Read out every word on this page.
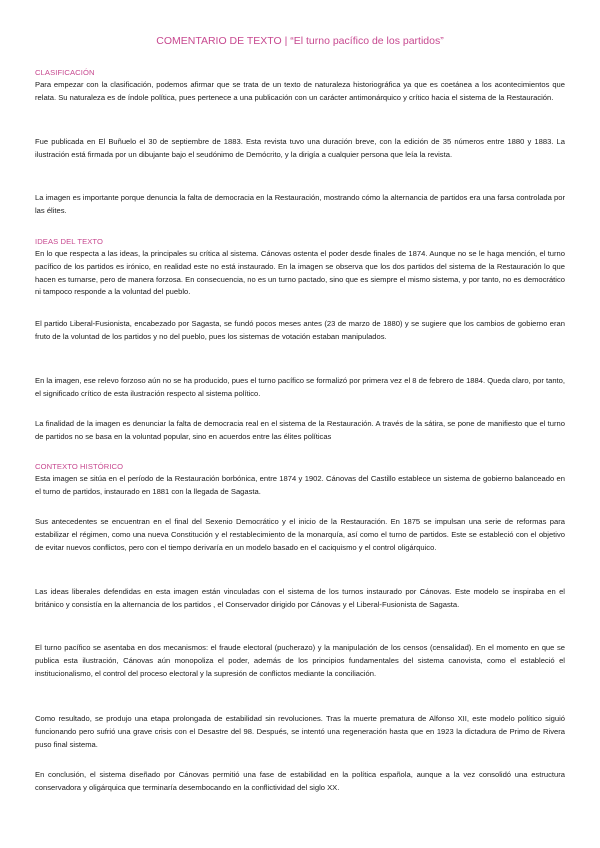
COMENTARIO DE TEXTO | “El turno pacífico de los partidos”
CLASIFICACIÓN
Para empezar con la clasificación, podemos afirmar que se trata de un texto de naturaleza historiográfica ya que es coetánea a los acontecimientos que relata. Su naturaleza es de índole política, pues pertenece a una publicación con un carácter antimonárquico y crítico hacia el sistema de la Restauración.
Fue publicada en El Buñuelo el 30 de septiembre de 1883. Esta revista tuvo una duración breve, con la edición de 35 números entre 1880 y 1883. La ilustración está firmada por un dibujante bajo el seudónimo de Demócrito, y la dirigía a cualquier persona que leía la revista.
La imagen es importante porque denuncia la falta de democracia en la Restauración, mostrando cómo la alternancia de partidos era una farsa controlada por las élites.
IDEAS DEL TEXTO
En lo que respecta a las ideas, la principales su crítica al sistema. Cánovas ostenta el poder desde finales de 1874. Aunque no se le haga mención, el turno pacífico de los partidos es irónico, en realidad este no está instaurado. En la imagen se observa que los dos partidos del sistema de la Restauración lo que hacen es turnarse, pero de manera forzosa. En consecuencia, no es un turno pactado, sino que es siempre el mismo sistema, y por tanto, no es democrático ni tampoco responde a la voluntad del pueblo.
El partido Liberal-Fusionista, encabezado por Sagasta, se fundó pocos meses antes (23 de marzo de 1880) y se sugiere que los cambios de gobierno eran fruto de la voluntad de los partidos y no del pueblo, pues los sistemas de votación estaban manipulados.
En la imagen, ese relevo forzoso aún no se ha producido, pues el turno pacífico se formalizó por primera vez el 8 de febrero de 1884. Queda claro, por tanto, el significado crítico de esta ilustración respecto al sistema político.
La finalidad de la imagen es denunciar la falta de democracia real en el sistema de la Restauración. A través de la sátira, se pone de manifiesto que el turno de partidos no se basa en la voluntad popular, sino en acuerdos entre las élites políticas
CONTEXTO HISTÓRICO
Esta imagen se sitúa en el período de la Restauración borbónica, entre 1874 y 1902. Cánovas del Castillo establece un sistema de gobierno balanceado en el turno de partidos, instaurado en 1881 con la llegada de Sagasta.
Sus antecedentes se encuentran en el final del Sexenio Democrático y el inicio de la Restauración. En 1875 se impulsan una serie de reformas para estabilizar el régimen, como una nueva Constitución y el restablecimiento de la monarquía, así como el turno de partidos. Este se estableció con el objetivo de evitar nuevos conflictos, pero con el tiempo derivaría en un modelo basado en el caciquismo y el control oligárquico.
Las ideas liberales defendidas en esta imagen están vinculadas con el sistema de los turnos instaurado por Cánovas. Este modelo se inspiraba en el británico y consistía en la alternancia de los partidos , el Conservador dirigido por Cánovas y el Liberal-Fusionista de Sagasta.
El turno pacífico se asentaba en dos mecanismos: el fraude electoral (pucherazo) y la manipulación de los censos (censalidad). En el momento en que se publica esta ilustración, Cánovas aún monopoliza el poder, además de los principios fundamentales del sistema canovista, como el estableció el institucionalismo, el control del proceso electoral y la supresión de conflictos mediante la conciliación.
Como resultado, se produjo una etapa prolongada de estabilidad sin revoluciones. Tras la muerte prematura de Alfonso XII, este modelo político siguió funcionando pero sufrió una grave crisis con el Desastre del 98. Después, se intentó una regeneración hasta que en 1923 la dictadura de Primo de Rivera puso final sistema.
En conclusión, el sistema diseñado por Cánovas permitió una fase de estabilidad en la política española, aunque a la vez consolidó una estructura conservadora y oligárquica que terminaría desembocando en la conflictividad del siglo XX.
